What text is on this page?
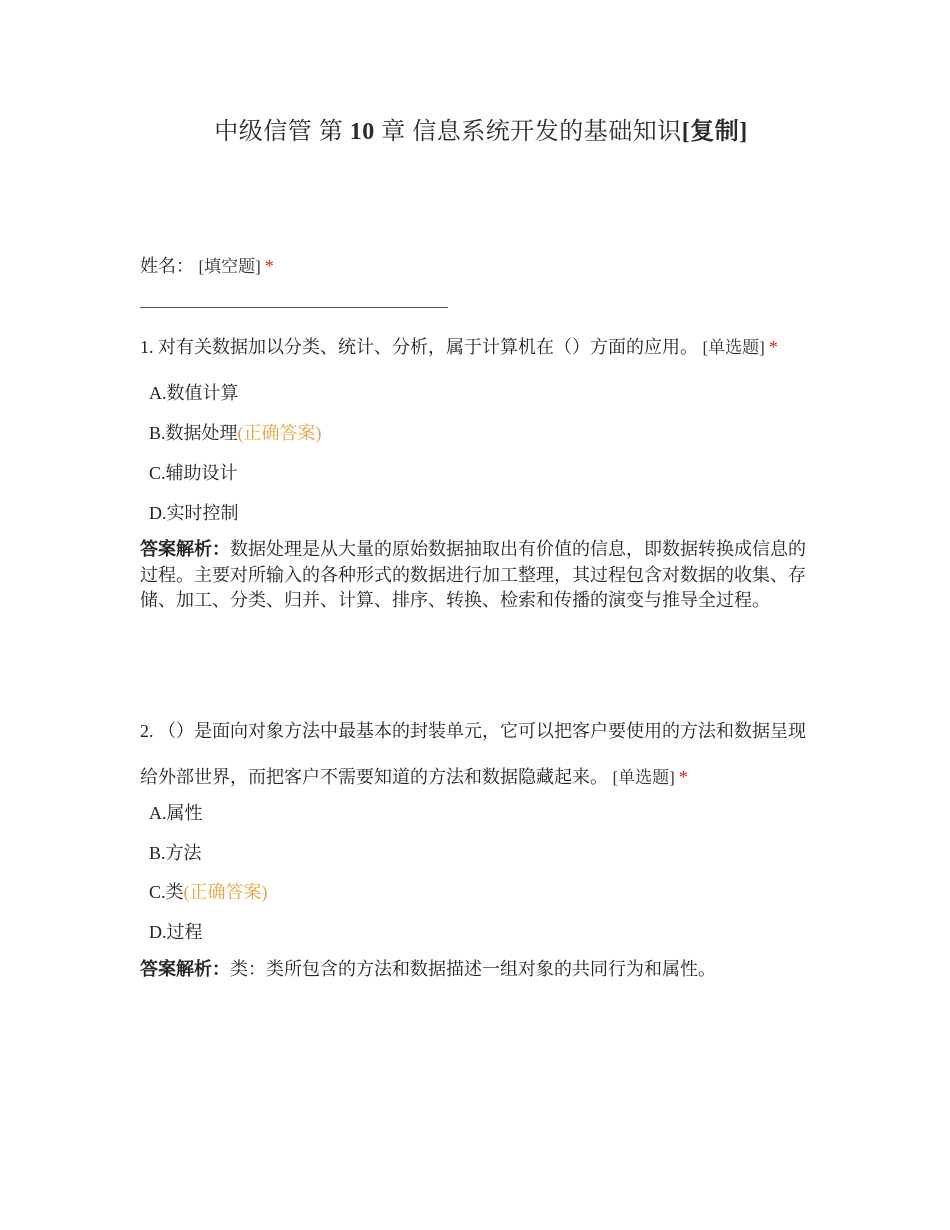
中级信管 第 10 章 信息系统开发的基础知识[复制]
姓名： [填空题] *
1. 对有关数据加以分类、统计、分析，属于计算机在（）方面的应用。 [单选题] *
A.数值计算
B.数据处理(正确答案)
C.辅助设计
D.实时控制
答案解析：数据处理是从大量的原始数据抽取出有价值的信息，即数据转换成信息的过程。主要对所输入的各种形式的数据进行加工整理，其过程包含对数据的收集、存储、加工、分类、归并、计算、排序、转换、检索和传播的演变与推导全过程。
2. （）是面向对象方法中最基本的封装单元，它可以把客户要使用的方法和数据呈现给外部世界，而把客户不需要知道的方法和数据隐藏起来。 [单选题] *
A.属性
B.方法
C.类(正确答案)
D.过程
答案解析：类：类所包含的方法和数据描述一组对象的共同行为和属性。
